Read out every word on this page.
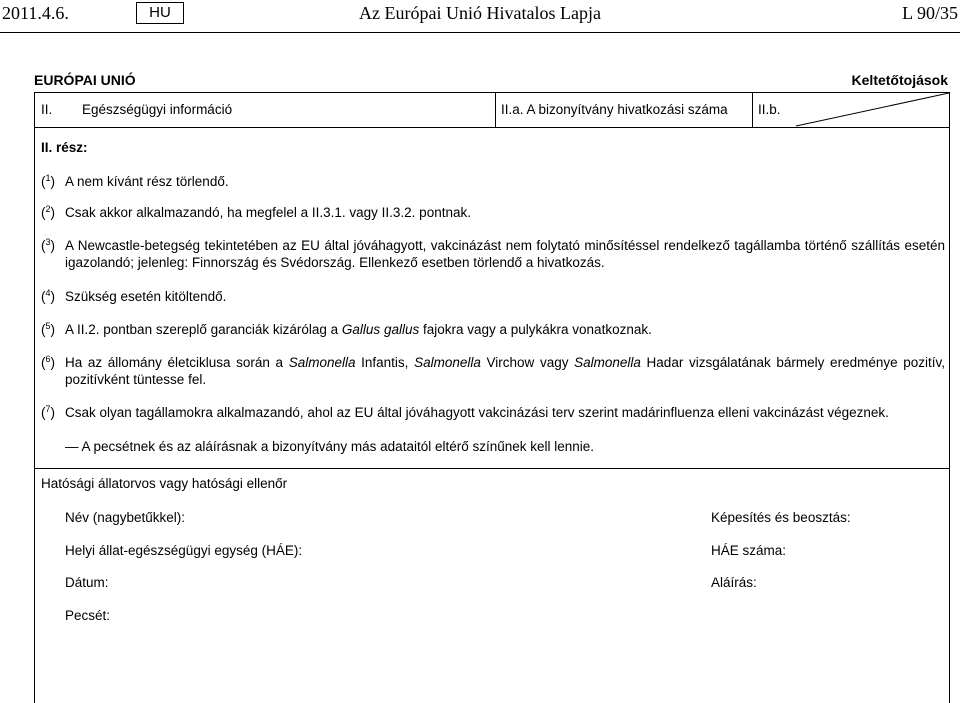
Az Európai Unió Hivatalos Lapja
2011.4.6.	HU	L 90/35
EURÓPAI UNIÓ	Keltetőtojások
II. Egészségügyi információ	II.a. A bizonyítvány hivatkozási száma II.b.
II. rész:
($^1$) A nem kívánt rész törlendő.
($^2$) Csak akkor alkalmazandó, ha megfelel a II.3.1. vagy II.3.2. pontnak.
($^3$) A Newcastle-betegség tekintetében az EU által jóváhagyott, vakcinázást nem folytató minősítéssel rendelkező tagállamba történő szállítás esetén igazolandó; jelenleg: Finnország és Svédország. Ellenkező esetben törlendő a hivatkozás.
($^4$) Szükség esetén kitöltendő.
($^5$) A II.2. pontban szereplő garanciák kizárólag a Gallus gallus fajokra vagy a pulykákra vonatkoznak.
($^6$) Ha az állomány életciklusa során a Salmonella Infantis, Salmonella Virchow vagy Salmonella Hadar vizsgálatának bármely eredménye pozitív, pozitívként tüntesse fel.
($^7$) Csak olyan tagállamokra alkalmazandó, ahol az EU által jóváhagyott vakcinázási terv szerint madárinfluenza elleni vakcinázást végeznek.
— A pecsétnek és az aláírásnak a bizonyítvány más adataitól eltérő színűnek kell lennie.
Hatósági állatorvos vagy hatósági ellenőr
Név (nagybetűkkel):	Képesítés és beosztás:
Helyi állat-egészségügyi egység (HÁE):	HÁE száma:
Dátum:	Aláírás:
Pecsét:
